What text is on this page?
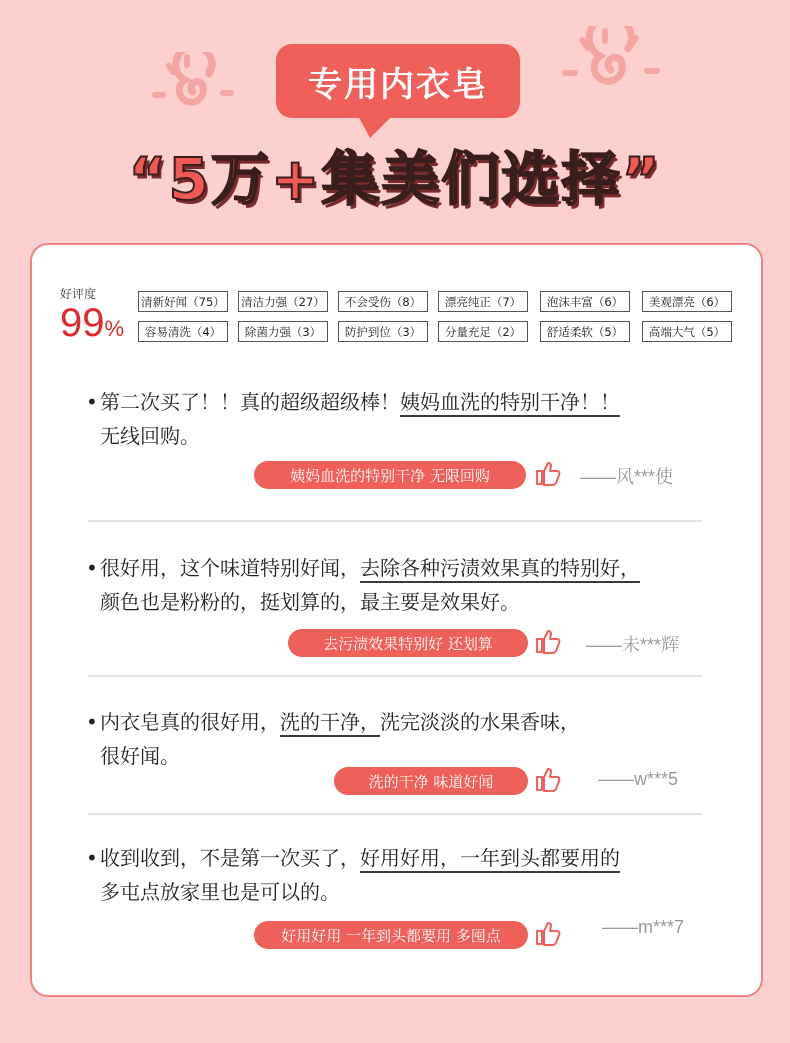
专用内衣皂
“5万+集美们选择”
好评度
99%
清新好闻（75） 清洁力强（27）	不会受伤（8）	漂亮纯正（7）	泡沫丰富（6）	美观漂亮（6）
容易清洗（4）	除菌力强（3）	防护到位（3）	分量充足（2）	舒适柔软（5）	高端大气（5）
• 第二次买了！！真的超级超级棒！姨妈血洗的特别干净！！
无线回购。
姨妈血洗的特别干净 无限回购	——风***使
• 很好用，这个味道特别好闻，去除各种污渍效果真的特别好，
颜色也是粉粉的，挺划算的，最主要是效果好。
去污渍效果特别好 还划算	——未***辉
• 内衣皂真的很好用，洗的干净，洗完淡淡的水果香味，
很好闻。
洗的干净 味道好闻	——w***5
• 收到收到，不是第一次买了，好用好用，一年到头都要用的
多屯点放家里也是可以的。
好用好用 一年到头都要用 多囤点	——m***7
